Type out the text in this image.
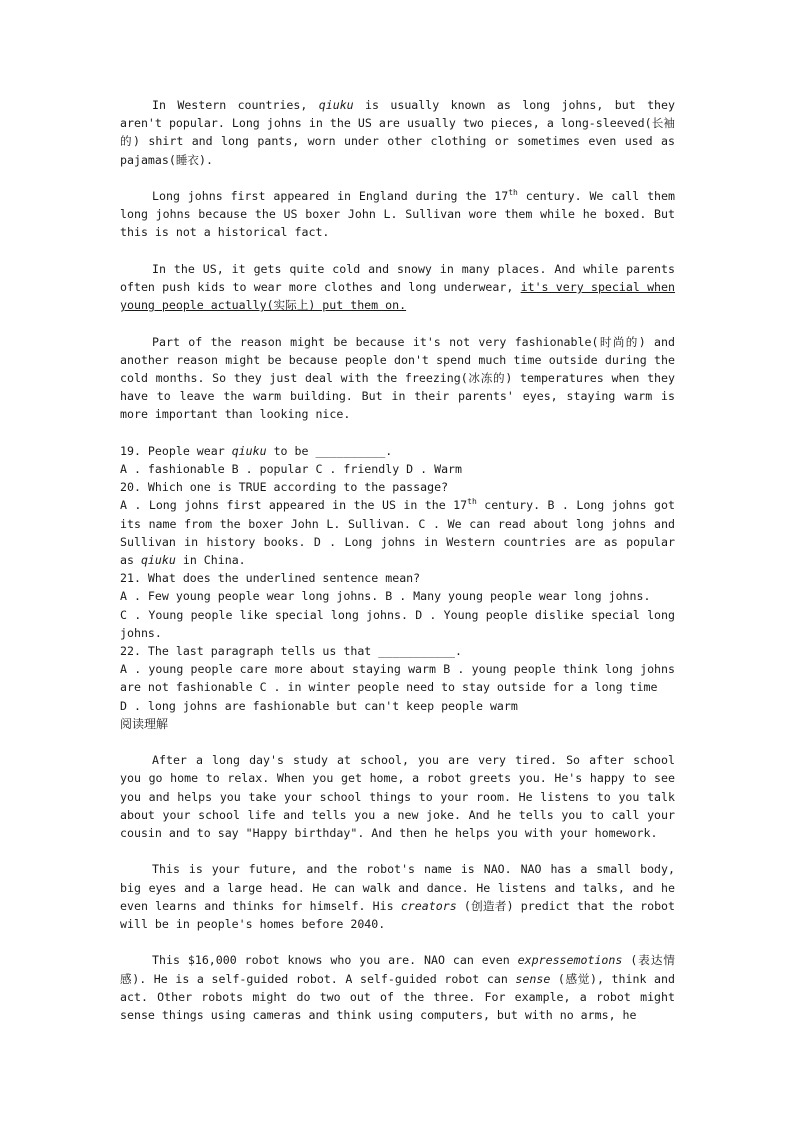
In Western countries, qiuku is usually known as long johns, but they aren't popular. Long johns in the US are usually two pieces, a long-sleeved(长袖的) shirt and long pants, worn under other clothing or sometimes even used as pajamas(睡衣).

Long johns first appeared in England during the 17th century. We call them long johns because the US boxer John L. Sullivan wore them while he boxed. But this is not a historical fact.

In the US, it gets quite cold and snowy in many places. And while parents often push kids to wear more clothes and long underwear, it's very special when young people actually(实际上) put them on.

Part of the reason might be because it's not very fashionable(时尚的) and another reason might be because people don't spend much time outside during the cold months. So they just deal with the freezing(冰冻的) temperatures when they have to leave the warm building. But in their parents' eyes, staying warm is more important than looking nice.

19. People wear qiuku to be __________.

A . fashionable B . popular C . friendly D . Warm

20. Which one is TRUE according to the passage?

A . Long johns first appeared in the US in the 17th century. B . Long johns got its name from the boxer John L. Sullivan. C . We can read about long johns and Sullivan in history books. D . Long johns in Western countries are as popular as qiuku in China.

21. What does the underlined sentence mean?

A . Few young people wear long johns. B . Many young people wear long johns.

C . Young people like special long johns. D . Young people dislike special long johns.

22. The last paragraph tells us that ___________.

A . young people care more about staying warm B . young people think long johns are not fashionable C . in winter people need to stay outside for a long time

D . long johns are fashionable but can't keep people warm

阅读理解

After a long day's study at school, you are very tired. So after school you go home to relax. When you get home, a robot greets you. He's happy to see you and helps you take your school things to your room. He listens to you talk about your school life and tells you a new joke. And he tells you to call your cousin and to say "Happy birthday". And then he helps you with your homework.

This is your future, and the robot's name is NAO. NAO has a small body, big eyes and a large head. He can walk and dance. He listens and talks, and he even learns and thinks for himself. His creators (创造者) predict that the robot will be in people's homes before 2040.

This $16,000 robot knows who you are. NAO can even expressemotions (表达情感). He is a self-guided robot. A self-guided robot can sense (感觉), think and act. Other robots might do two out of the three. For example, a robot might sense things using cameras and think using computers, but with no arms, he
